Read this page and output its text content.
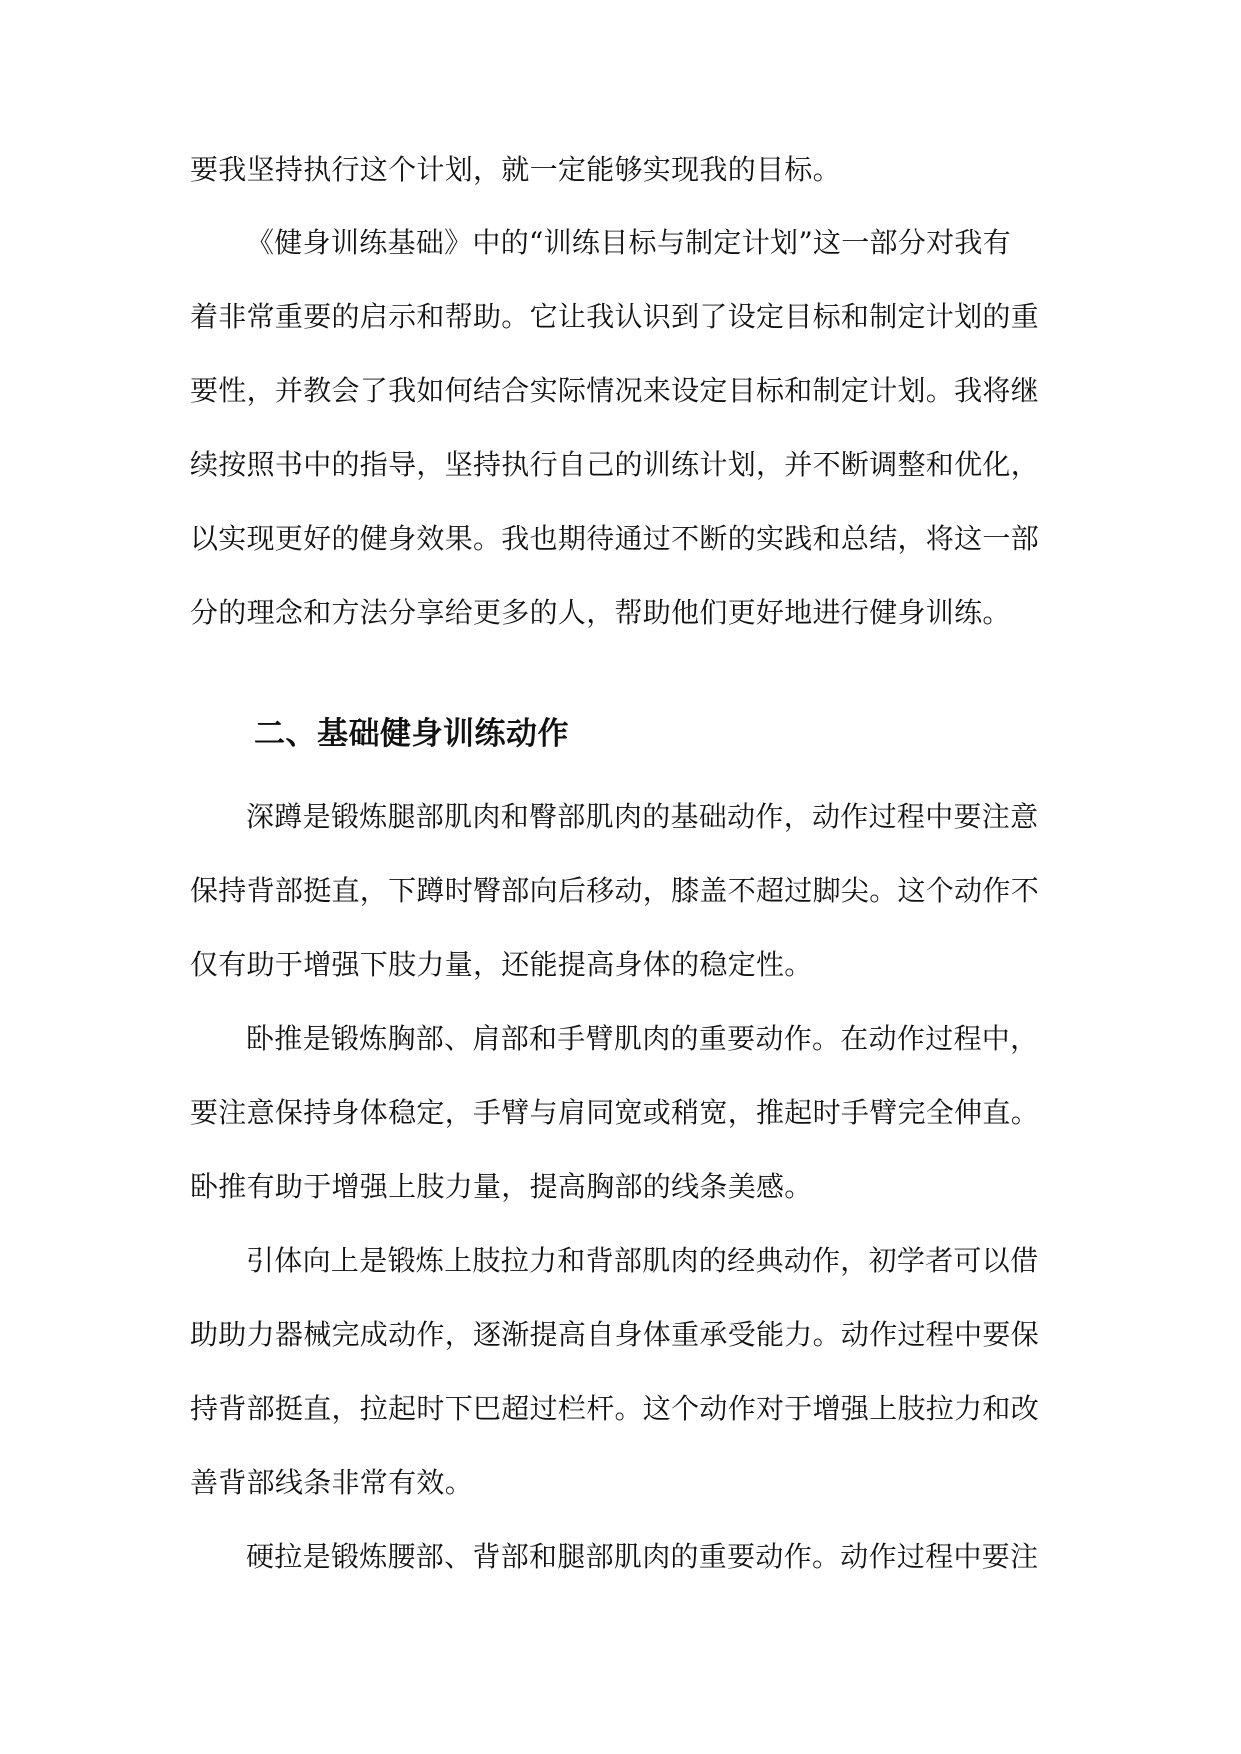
要我坚持执行这个计划，就一定能够实现我的目标。
《健身训练基础》中的“训练目标与制定计划”这一部分对我有
着非常重要的启示和帮助。它让我认识到了设定目标和制定计划的重
要性，并教会了我如何结合实际情况来设定目标和制定计划。我将继
续按照书中的指导，坚持执行自己的训练计划，并不断调整和优化，
以实现更好的健身效果。我也期待通过不断的实践和总结，将这一部
分的理念和方法分享给更多的人，帮助他们更好地进行健身训练。
二、基础健身训练动作
深蹲是锻炼腿部肌肉和臀部肌肉的基础动作，动作过程中要注意
保持背部挺直，下蹲时臀部向后移动，膝盖不超过脚尖。这个动作不
仅有助于增强下肢力量，还能提高身体的稳定性。
卧推是锻炼胸部、肩部和手臂肌肉的重要动作。在动作过程中，
要注意保持身体稳定，手臂与肩同宽或稍宽，推起时手臂完全伸直。
卧推有助于增强上肢力量，提高胸部的线条美感。
引体向上是锻炼上肢拉力和背部肌肉的经典动作，初学者可以借
助助力器械完成动作，逐渐提高自身体重承受能力。动作过程中要保
持背部挺直，拉起时下巴超过栏杆。这个动作对于增强上肢拉力和改
善背部线条非常有效。
硬拉是锻炼腰部、背部和腿部肌肉的重要动作。动作过程中要注
